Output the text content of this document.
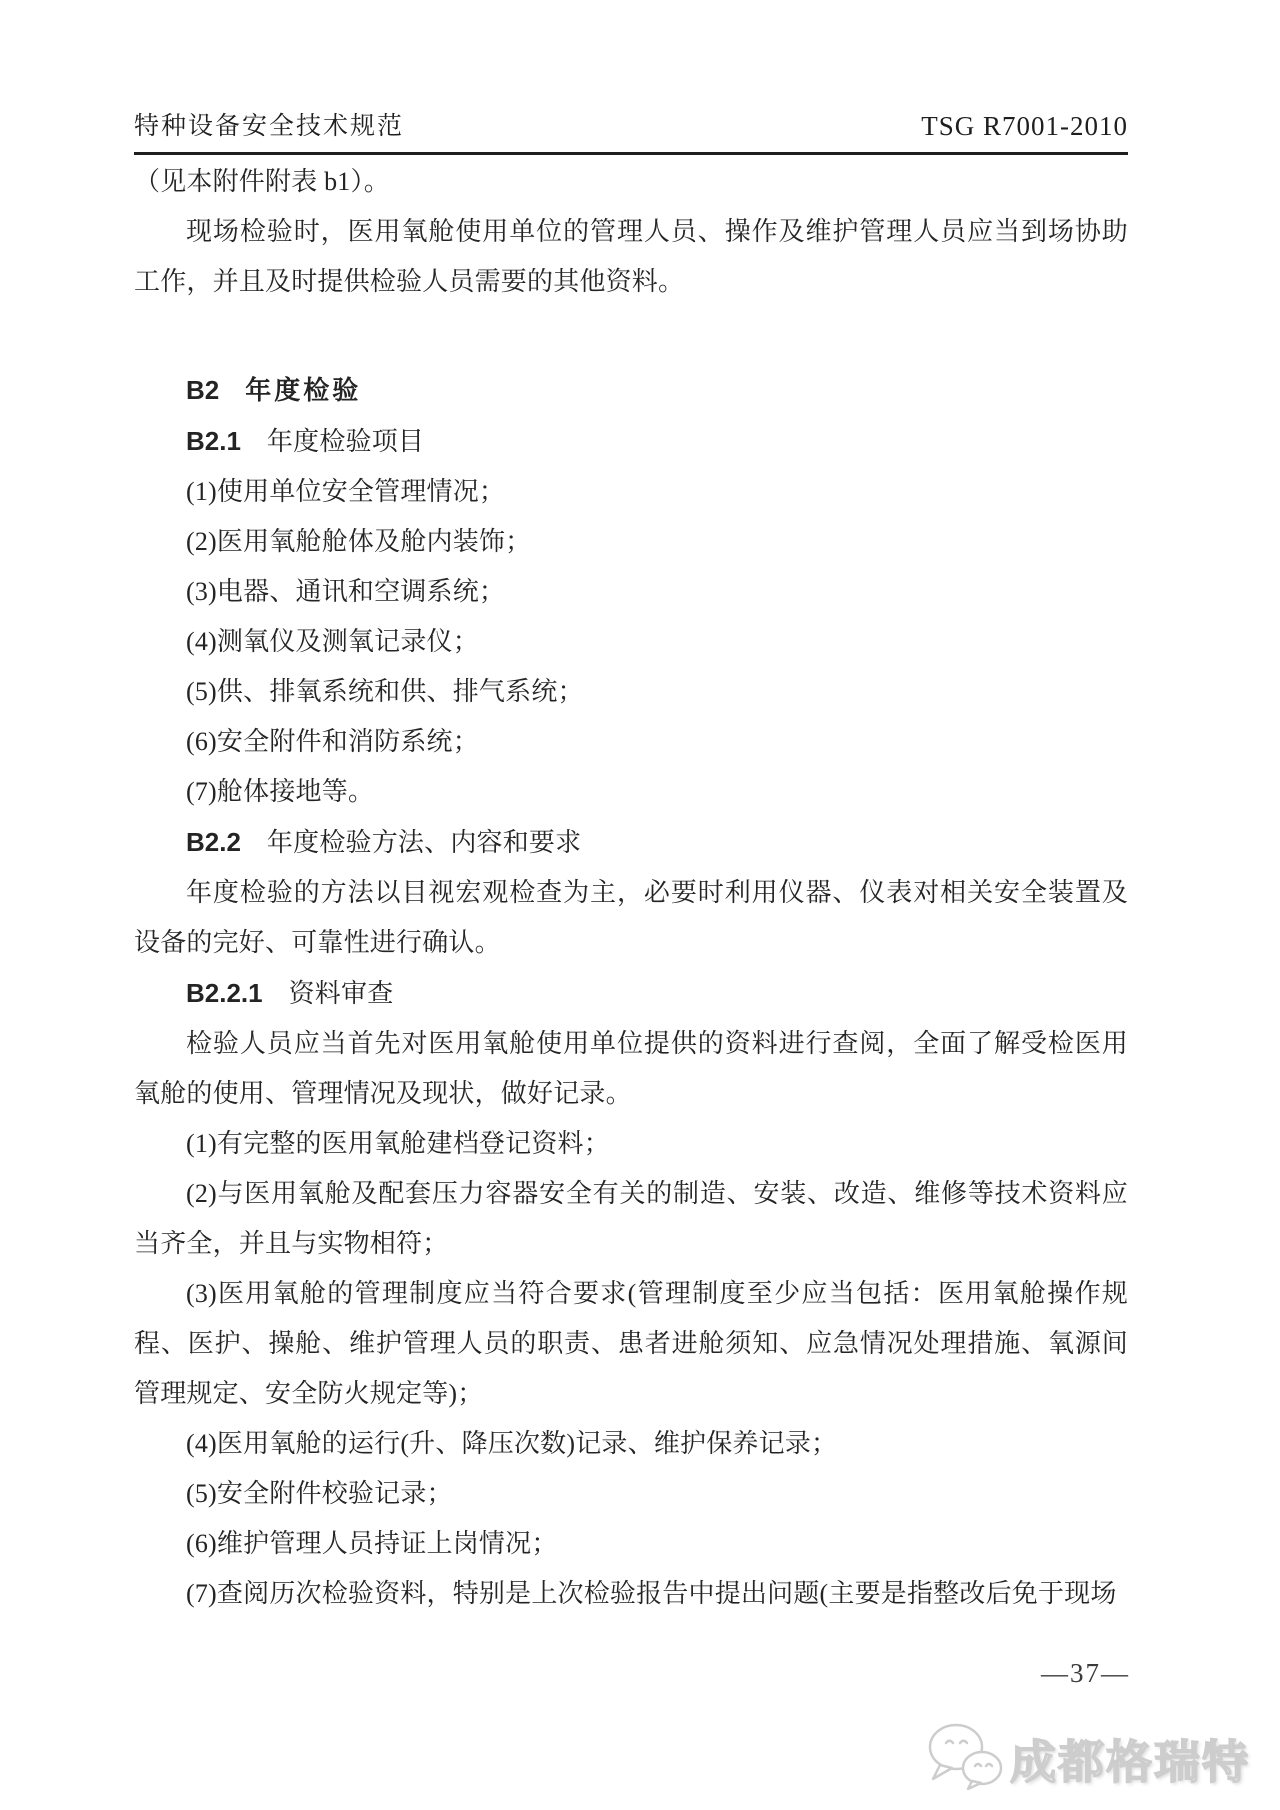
特种设备安全技术规范	TSG R7001-2010

（见本附件附表 b1）。

现场检验时，医用氧舱使用单位的管理人员、操作及维护管理人员应当到场协助工作，并且及时提供检验人员需要的其他资料。

B2 年度检验

B2.1 年度检验项目

(1)使用单位安全管理情况；

(2)医用氧舱舱体及舱内装饰；

(3)电器、通讯和空调系统；

(4)测氧仪及测氧记录仪；

(5)供、排氧系统和供、排气系统；

(6)安全附件和消防系统；

(7)舱体接地等。

B2.2 年度检验方法、内容和要求

年度检验的方法以目视宏观检查为主，必要时利用仪器、仪表对相关安全装置及设备的完好、可靠性进行确认。

B2.2.1 资料审查

检验人员应当首先对医用氧舱使用单位提供的资料进行查阅，全面了解受检医用氧舱的使用、管理情况及现状，做好记录。

(1)有完整的医用氧舱建档登记资料；

(2)与医用氧舱及配套压力容器安全有关的制造、安装、改造、维修等技术资料应当齐全，并且与实物相符；

(3)医用氧舱的管理制度应当符合要求(管理制度至少应当包括：医用氧舱操作规程、医护、操舱、维护管理人员的职责、患者进舱须知、应急情况处理措施、氧源间管理规定、安全防火规定等)；

(4)医用氧舱的运行(升、降压次数)记录、维护保养记录；

(5)安全附件校验记录；

(6)维护管理人员持证上岗情况；

(7)查阅历次检验资料，特别是上次检验报告中提出问题(主要是指整改后免于现场

—37—
成都格瑞特
